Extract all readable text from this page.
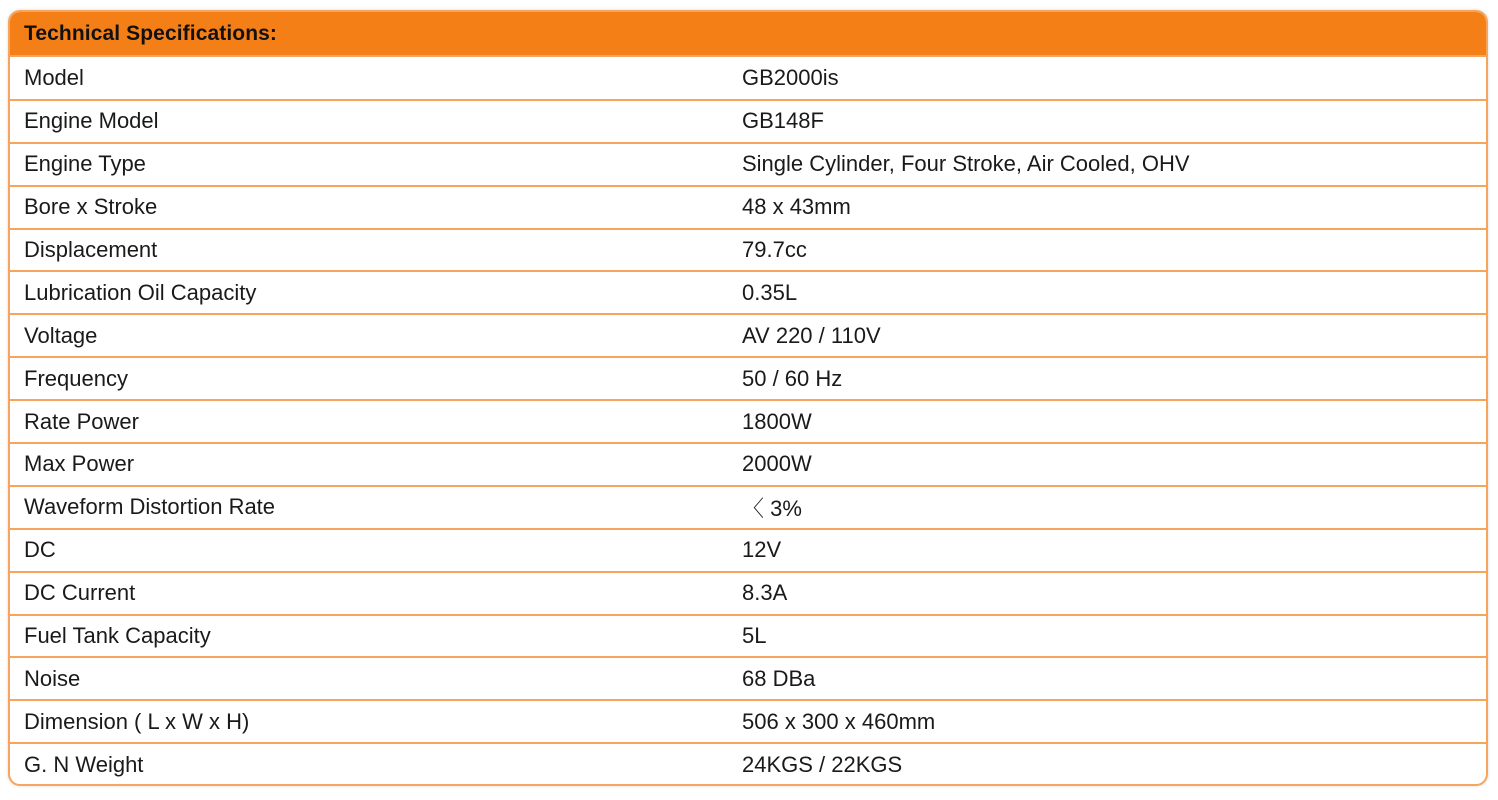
Technical Specifications:
Model	GB2000is
Engine Model	GB148F
Engine Type	Single Cylinder, Four Stroke, Air Cooled, OHV
Bore x Stroke	48 x 43mm
Displacement	79.7cc
Lubrication Oil Capacity	0.35L
Voltage	AV 220 / 110V
Frequency	50 / 60 Hz
Rate Power	1800W
Max Power	2000W
Waveform Distortion Rate	〈 3%
DC	12V
DC Current	8.3A
Fuel Tank Capacity	5L
Noise	68 DBa
Dimension ( L x W x H)	506 x 300 x 460mm
G. N Weight	24KGS / 22KGS
